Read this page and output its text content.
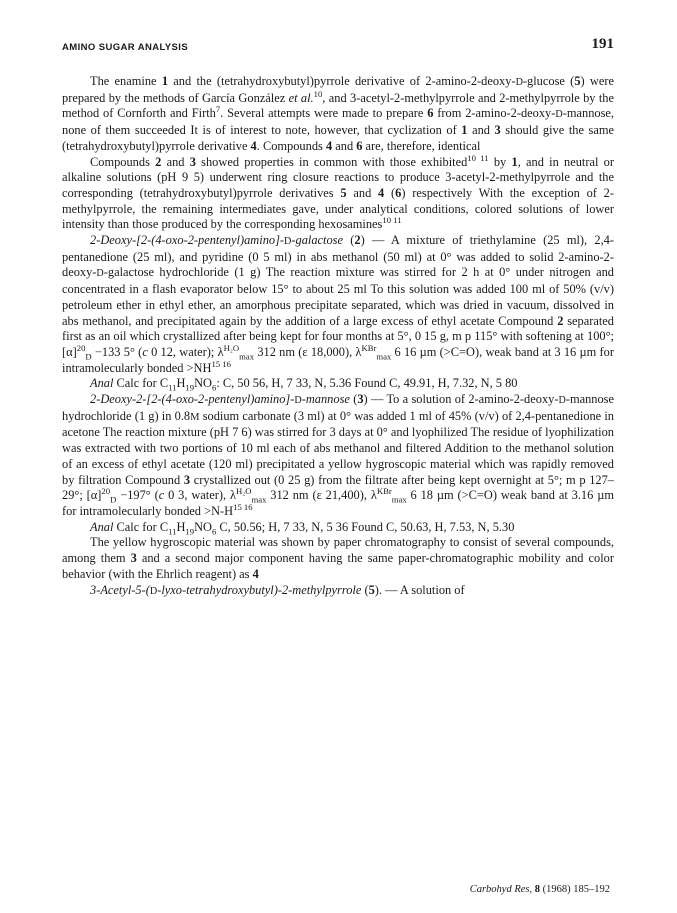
AMINO SUGAR ANALYSIS	191

The enamine 1 and the (tetrahydroxybutyl)pyrrole derivative of 2-amino-2-deoxy-D-glucose (5) were prepared by the methods of García González et al.$^{10}$, and 3-acetyl-2-methylpyrrole and 2-methylpyrrole by the method of Cornforth and Firth$^7$. Several attempts were made to prepare 6 from 2-amino-2-deoxy-D-mannose, none of them succeeded It is of interest to note, however, that cyclization of 1 and 3 should give the same (tetrahydroxybutyl)pyrrole derivative 4. Compounds 4 and 6 are, therefore, identical

Compounds 2 and 3 showed properties in common with those exhibited$^{10 11}$ by 1, and in neutral or alkaline solutions (pH 9 5) underwent ring closure reactions to produce 3-acetyl-2-methylpyrrole and the corresponding (tetrahydroxybutyl)pyrrole derivatives 5 and 4 (6) respectively With the exception of 2-methylpyrrole, the remaining intermediates gave, under analytical conditions, colored solutions of lower intensity than those produced by the corresponding hexosamines$^{10 11}$

2-Deoxy-[2-(4-oxo-2-pentenyl)amino]-D-galactose (2) — A mixture of triethylamine (25 ml), 2,4-pentanedione (25 ml), and pyridine (0 5 ml) in abs methanol (50 ml) at 0° was added to solid 2-amino-2-deoxy-D-galactose hydrochloride (1 g) The reaction mixture was stirred for 2 h at 0° under nitrogen and concentrated in a flash evaporator below 15° to about 25 ml To this solution was added 100 ml of 50% (v/v) petroleum ether in ethyl ether, an amorphous precipitate separated, which was dried in vacuum, dissolved in abs methanol, and precipitated again by the addition of a large excess of ethyl acetate Compound 2 separated first as an oil which crystallized after being kept for four months at 5°, 0 15 g, m p 115° with softening at 100°; $[\alpha]^{20}_D -133$ 5° (c 0 12, water); $\lambda^{H_2O}_{max}$ 312 nm (ε 18,000), $\lambda^{KBr}_{max}$ 6 16 µm (>C=O), weak band at 3 16 µm for intramolecularly bonded $>NH^{15 16}$

Anal Calc for $C_{11}H_{19}NO_6$: C, 50 56, H, 7 33, N, 5.36 Found C, 49.91, H, 7.32, N, 5 80

2-Deoxy-2-[2-(4-oxo-2-pentenyl)amino]-D-mannose (3) — To a solution of 2-amino-2-deoxy-D-mannose hydrochloride (1 g) in 0.8M sodium carbonate (3 ml) at 0° was added 1 ml of 45% (v/v) of 2,4-pentanedione in acetone The reaction mixture (pH 7 6) was stirred for 3 days at 0° and lyophilized The residue of lyophilization was extracted with two portions of 10 ml each of abs methanol and filtered Addition to the methanol solution of an excess of ethyl acetate (120 ml) precipitated a yellow hygroscopic material which was rapidly removed by filtration Compound 3 crystallized out (0 25 g) from the filtrate after being kept overnight at 5°; m p 127–29°; $[\alpha]^{20}_D -197^\circ$ (c 0 3, water), $\lambda^{H_2O}_{max}$ 312 nm (ε 21,400), $\lambda^{KBr}_{max}$ 6 18 µm (>C=O) weak band at 3.16 µm for intramolecularly bonded $>N-H^{15 16}$

Anal Calc for $C_{11}H_{19}NO_6$ C, 50.56; H, 7 33, N, 5 36 Found C, 50.63, H, 7.53, N, 5.30

The yellow hygroscopic material was shown by paper chromatography to consist of several compounds, among them 3 and a second major component having the same paper-chromatographic mobility and color behavior (with the Ehrlich reagent) as 4

3-Acetyl-5-(D-lyxo-tetrahydroxybutyl)-2-methylpyrrole (5). — A solution of

Carbohyd Res, 8 (1968) 185–192
